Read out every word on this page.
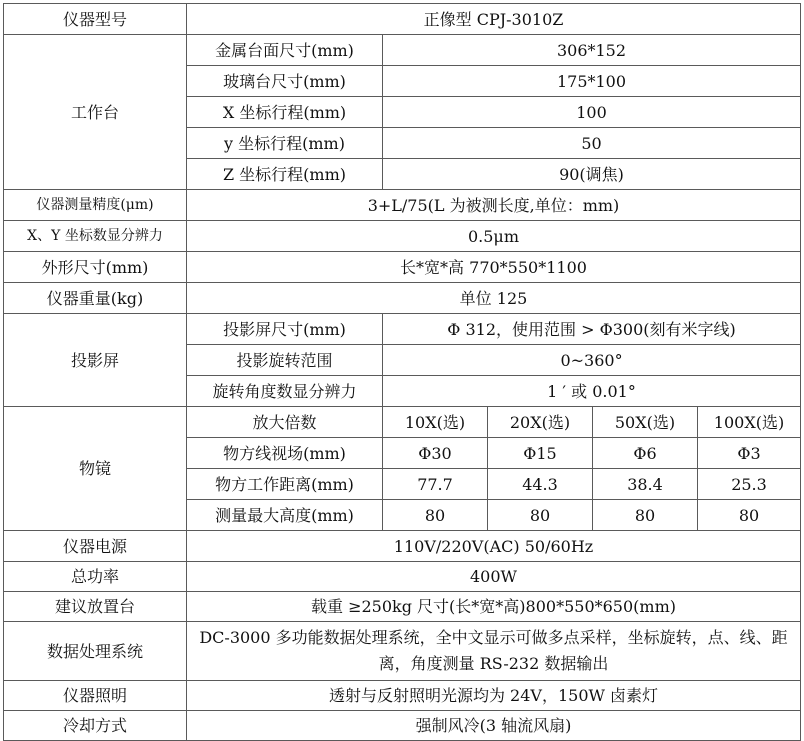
仪器型号	正像型 CPJ-3010Z				
工作台	金属台面尺寸(mm)	306*152			
	玻璃台尺寸(mm)	175*100			
	X 坐标行程(mm)	100			
	y 坐标行程(mm)	50			
	Z 坐标行程(mm)	90(调焦)			
仪器测量精度(μm)	3+L/75(L 为被测长度,单位：mm)				
X、Y 坐标数显分辨力	0.5μm				
外形尺寸(mm)	长*宽*高 770*550*1100				
仪器重量(kg)	单位 125				
投影屏	投影屏尺寸(mm)	Φ 312，使用范围 > Φ300(刻有米字线)			
	投影旋转范围	0~360°			
	旋转角度数显分辨力	1 ′ 或 0.01°			
物镜	放大倍数	10X(选)	20X(选)	50X(选)	100X(选)
	物方线视场(mm)	Φ30	Φ15	Φ6	Φ3
	物方工作距离(mm)	77.7	44.3	38.4	25.3
	测量最大高度(mm)	80	80	80	80
仪器电源	110V/220V(AC) 50/60Hz				
总功率	400W				
建议放置台	载重 ≥250kg 尺寸(长*宽*高)800*550*650(mm)				
数据处理系统	DC-3000 多功能数据处理系统，全中文显示可做多点采样，坐标旋转，点、线、距离，角度测量 RS-232 数据输出				
仪器照明	透射与反射照明光源均为 24V，150W 卤素灯				
冷却方式	强制风冷(3 轴流风扇)				
